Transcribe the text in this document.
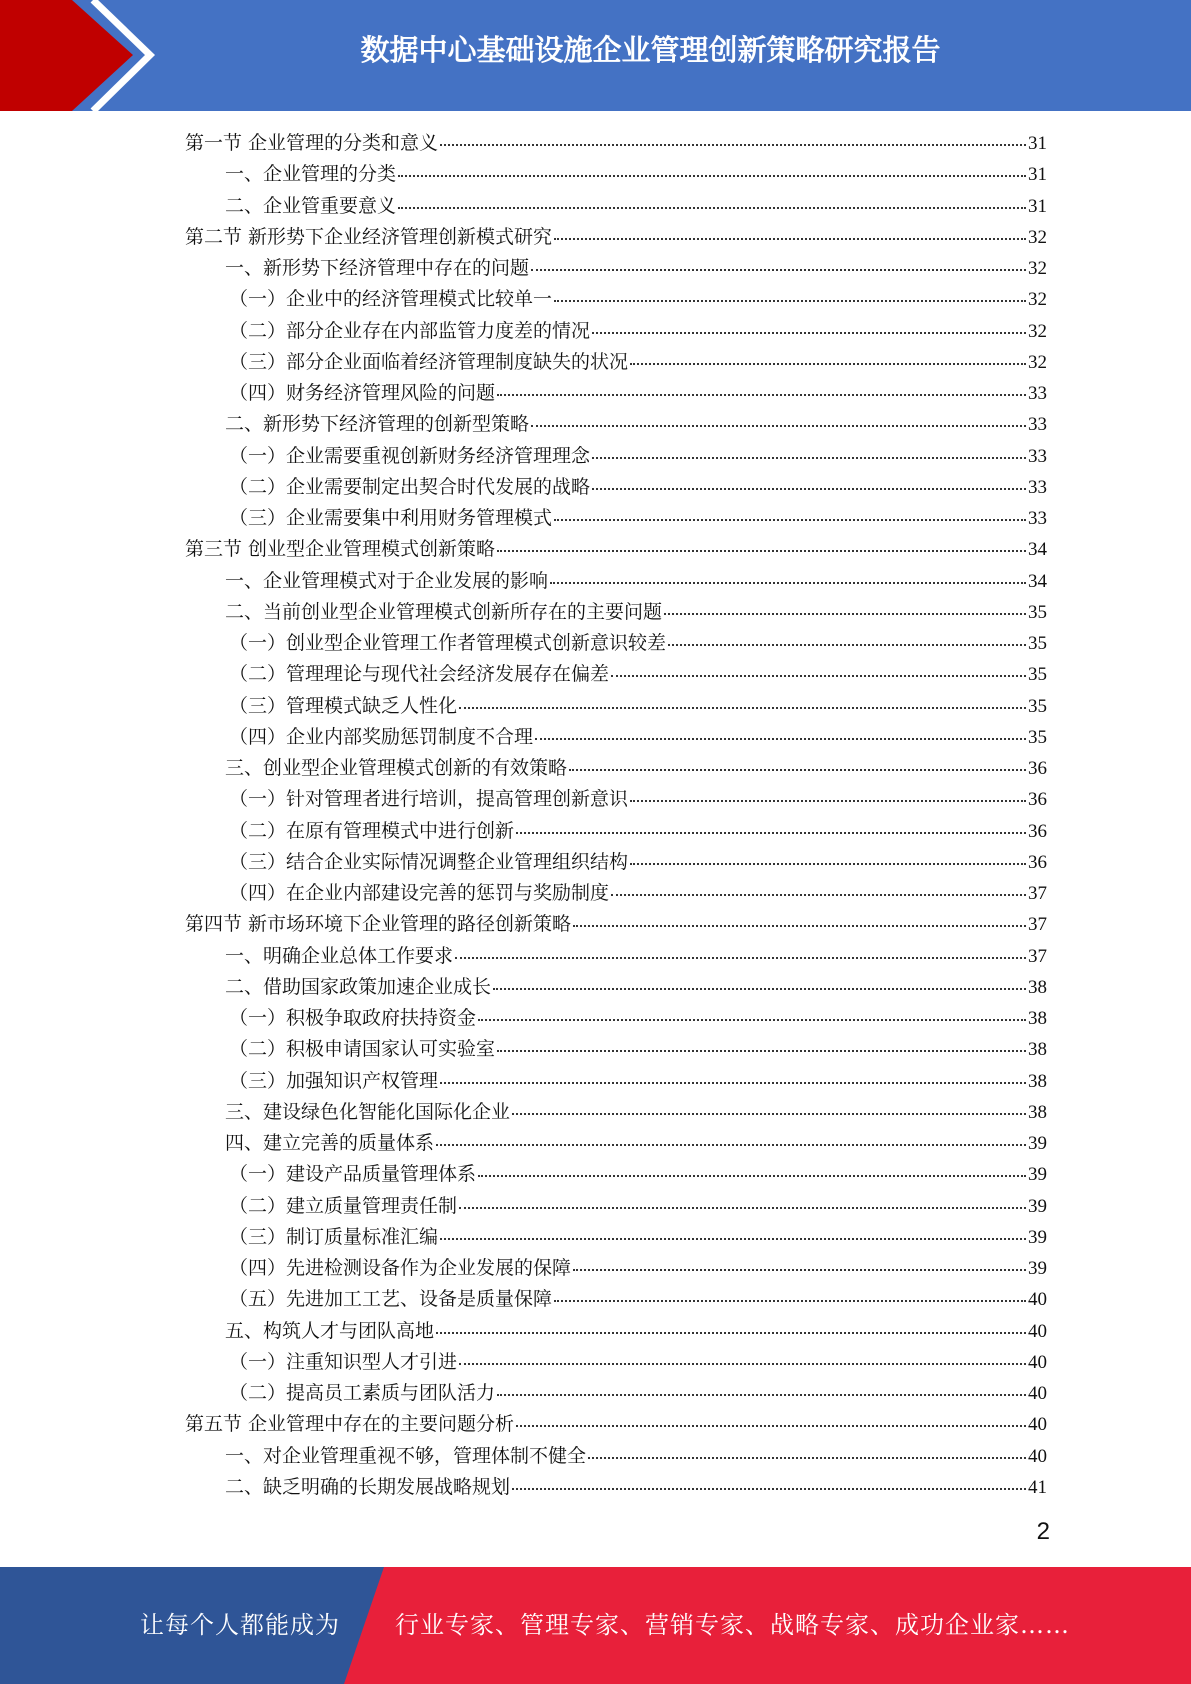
数据中心基础设施企业管理创新策略研究报告
第一节 企业管理的分类和意义	31
一、企业管理的分类	31
二、企业管重要意义	31
第二节 新形势下企业经济管理创新模式研究	32
一、新形势下经济管理中存在的问题	32
（一）企业中的经济管理模式比较单一	32
（二）部分企业存在内部监管力度差的情况	32
（三）部分企业面临着经济管理制度缺失的状况	32
（四）财务经济管理风险的问题	33
二、新形势下经济管理的创新型策略	33
（一）企业需要重视创新财务经济管理理念	33
（二）企业需要制定出契合时代发展的战略	33
（三）企业需要集中利用财务管理模式	33
第三节 创业型企业管理模式创新策略	34
一、企业管理模式对于企业发展的影响	34
二、当前创业型企业管理模式创新所存在的主要问题	35
（一）创业型企业管理工作者管理模式创新意识较差	35
（二）管理理论与现代社会经济发展存在偏差	35
（三）管理模式缺乏人性化	35
（四）企业内部奖励惩罚制度不合理	35
三、创业型企业管理模式创新的有效策略	36
（一）针对管理者进行培训，提高管理创新意识	36
（二）在原有管理模式中进行创新	36
（三）结合企业实际情况调整企业管理组织结构	36
（四）在企业内部建设完善的惩罚与奖励制度	37
第四节 新市场环境下企业管理的路径创新策略	37
一、明确企业总体工作要求	37
二、借助国家政策加速企业成长	38
（一）积极争取政府扶持资金	38
（二）积极申请国家认可实验室	38
（三）加强知识产权管理	38
三、建设绿色化智能化国际化企业	38
四、建立完善的质量体系	39
（一）建设产品质量管理体系	39
（二）建立质量管理责任制	39
（三）制订质量标准汇编	39
（四）先进检测设备作为企业发展的保障	39
（五）先进加工工艺、设备是质量保障	40
五、构筑人才与团队高地	40
（一）注重知识型人才引进	40
（二）提高员工素质与团队活力	40
第五节 企业管理中存在的主要问题分析	40
一、对企业管理重视不够，管理体制不健全	40
二、缺乏明确的长期发展战略规划	41
2
让每个人都能成为 行业专家、管理专家、营销专家、战略专家、成功企业家……
